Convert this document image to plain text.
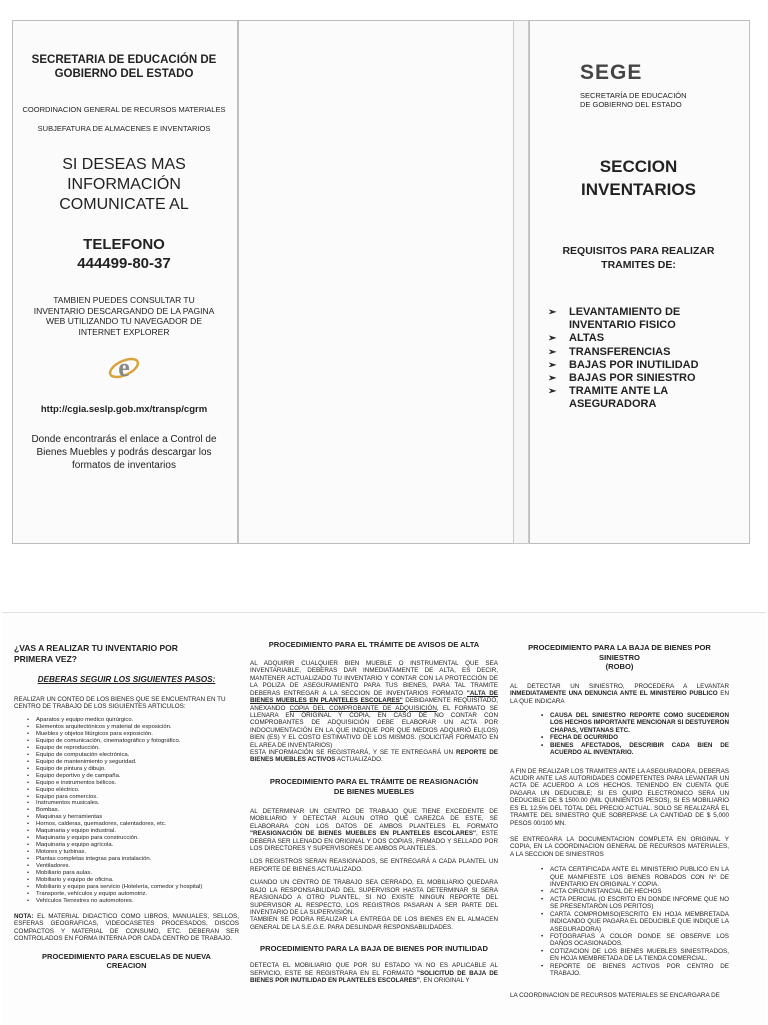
SECRETARIA DE EDUCACIÓN DE
GOBIERNO DEL ESTADO
COORDINACION GENERAL DE RECURSOS MATERIALES
SUBJEFATURA DE ALMACENES E INVENTARIOS
SI DESEAS MAS
INFORMACIÓN
COMUNICATE AL
TELEFONO
444499-80-37
TAMBIEN PUEDES CONSULTAR TU
INVENTARIO DESCARGANDO DE LA PAGINA
WEB UTILIZANDO TU NAVEGADOR DE
INTERNET EXPLORER
e
http://cgia.seslp.gob.mx/transp/cgrm
Donde encontrarás el enlace a Control de
Bienes Muebles y podrás descargar los
formatos de inventarios
SEGE
SECRETARÍA DE EDUCACIÓN
DE GOBIERNO DEL ESTADO
SECCION
INVENTARIOS
REQUISITOS PARA REALIZAR
TRAMITES DE:
➢ LEVANTAMIENTO DE
INVENTARIO FISICO
➢ ALTAS
➢ TRANSFERENCIAS
➢ BAJAS POR INUTILIDAD
➢ BAJAS POR SINIESTRO
➢ TRAMITE ANTE LA
ASEGURADORA
¿VAS A REALIZAR TU INVENTARIO POR
PRIMERA VEZ?
DEBERAS SEGUIR LOS SIGUIENTES PASOS:

REALIZAR UN CONTEO DE LOS BIENES QUE SE ENCUENTRAN EN TU CENTRO DE TRABAJO DE LOS SIGUIENTES ARTICULOS:

• Aparatos y equipo medico quirúrgico.
• Elementos arquitectónicos y material de exposición.
• Muebles y objetos litúrgicos para exposición.
• Equipo de comunicación, cinematográfico y fotográfico.
• Equipo de reproducción.
• Equipo de computación electrónica.
• Equipo de mantenimiento y seguridad.
• Equipo de pintura y dibujo.
• Equipo deportivo y de campaña.
• Equipo e instrumentos bélicos.
• Equipo eléctrico.
• Equipo para comercios.
• Instrumentos musicales.
• Bombas.
• Maquinas y herramientas
• Hornos, calderas, quemadores, calentadores, etc.
• Maquinaria y equipo industrial.
• Maquinaria y equipo para construcción.
• Maquinaria y equipo agrícola.
• Motores y turbinas.
• Plantas completas integras para instalación.
• Ventiladores.
• Mobiliario para aulas.
• Mobiliario y equipo de oficina.
• Mobiliario y equipo para servicio (Hotelería, comedor y hospital)
• Transporte, vehículos y equipo automotriz.
• Vehículos Terrestres no automotores.

NOTA: EL MATERIAL DIDACTICO COMO LIBROS, MANUALES, SELLOS, ESFERAS GEOGRAFICAS, VIDEOCASETES PROCESADOS, DISCOS COMPACTOS Y MATERIAL DE CONSUMO, ETC. DEBERAN SER CONTROLADOS EN FORMA INTERNA POR CADA CENTRO DE TRABAJO.

PROCEDIMIENTO PARA ESCUELAS DE NUEVA
CREACION
PROCEDIMIENTO PARA EL TRÁMITE DE AVISOS DE ALTA

AL ADQUIRIR CUALQUIER BIEN MUEBLE O INSTRUMENTAL QUE SEA INVENTARIABLE, DEBERAS DAR INMEDIATAMENTE DE ALTA, ES DECIR, MANTENER ACTUALIZADO TU INVENTARIO Y CONTAR CON LA PROTECCIÓN DE LA POLIZA DE ASEGURAMIENTO PARA TUS BIENES, PARA TAL TRAMITE DEBERAS ENTREGAR A LA SECCION DE INVENTARIOS FORMATO "ALTA DE BIENES MUEBLES EN PLANTELES ESCOLARES" DEBIDAMENTE REQUISITADO, ANEXANDO COPIA DEL COMPROBANTE DE ADQUISICIÓN, EL FORMATO SE LLENARA EN ORIGINAL Y COPIA, EN CASO DE NO CONTAR CON COMPROBANTES DE ADQUISICIÓN DEBE ELABORAR UN ACTA POR INDOCUMENTACIÓN EN LA QUE INDIQUE POR QUE MEDIOS ADQUIRIÓ EL(LOS) BIEN (ES) Y EL COSTO ESTIMATIVO DE LOS MISMOS. (SOLICITAR FORMATO EN EL AREA DE INVENTARIOS)

ESTA INFORMACIÓN SE REGISTRARÁ, Y SE TE ENTREGARÁ UN REPORTE DE BIENES MUEBLES ACTIVOS ACTUALIZADO.

PROCEDIMIENTO PARA EL TRÁMITE DE REASIGNACIÓN DE BIENES MUEBLES

AL DETERMINAR UN CENTRO DE TRABAJO QUE TIENE EXCEDENTE DE MOBILIARIO Y DETECTAR ALGUN OTRO QUE CAREZCA DE ESTE, SE ELABORARA CON LOS DATOS DE AMBOS PLANTELES EL FORMATO "REASIGNACIÓN DE BIENES MUEBLES EN PLANTELES ESCOLARES", ESTE DEBERA SER LLENADO EN ORIGINAL Y DOS COPIAS, FIRMADO Y SELLADO POR LOS DIRECTORES Y SUPERVISORES DE AMBOS PLANTELES.

LOS REGISTROS SERAN REASIGNADOS, SE ENTREGARÁ A CADA PLANTEL UN REPORTE DE BIENES ACTUALIZADO.

CUANDO UN CENTRO DE TRABAJO SEA CERRADO, EL MOBILIARIO QUEDARA BAJO LA RESPONSABILIDAD DEL SUPERVISOR HASTA DETERMINAR SI SERA REASIGNADO A OTRO PLANTEL, SI NO EXISTE NINGUN REPORTE DEL SUPERVISOR AL RESPECTO, LOS REGISTROS PASARAN A SER PARTE DEL INVENTARIO DE LA SUPERVISIÓN.

TAMBIEN SE PODRA REALIZAR LA ENTREGA DE LOS BIENES EN EL ALMACEN GENERAL DE LA S.E.G.E. PARA DESLINDAR RESPONSABILIDADES.

PROCEDIMIENTO PARA LA BAJA DE BIENES POR INUTILIDAD

DETECTA EL MOBILIARIO QUE POR SU ESTADO YA NO ES APLICABLE AL SERVICIO, ESTE SE REGISTRARA EN EL FORMATO "SOLICITUD DE BAJA DE BIENES POR INUTILIDAD EN PLANTELES ESCOLARES", EN ORIGINAL Y

PROCEDIMIENTO PARA LA BAJA DE BIENES POR
SINIESTRO
(ROBO)

AL DETECTAR UN SINIESTRO, PROCEDERA A LEVANTAR INMEDIATAMENTE UNA DENUNCIA ANTE EL MINISTERIO PUBLICO EN LA QUE INDICARA

• CAUSA DEL SINIESTRO REPORTE COMO SUCEDIERON LOS HECHOS IMPORTANTE MENCIONAR SI DESTUYERON CHAPAS, VENTANAS ETC.
• FECHA DE OCURRIDO
• BIENES AFECTADOS, DESCRIBIR CADA BIEN DE ACUERDO AL INVENTARIO.

A FIN DE REALIZAR LOS TRAMITES ANTE LA ASEGURADORA, DEBERAS ACUDIR ANTE LAS AUTORIDADES COMPETENTES PARA LEVANTAR UN ACTA DE ACUERDO A LOS HECHOS. TENIENDO EN CUENTA QUE PAGARA UN DEDUCIBLE; SI ES QUIPO ELECTRONICO SERA UN DEDUCIBLE DE $ 1500.00 (MIL QUINIENTOS PESOS), SI ES MOBILIARIO ES EL 12.5% DEL TOTAL DEL PRECIO ACTUAL. SOLO SE REALIZARÁ EL TRAMITE DEL SINIESTRO QUE SOBREPASE LA CANTIDAD DE $ 5,000 PESOS 00/100 MN.

SE ENTREGARA LA DOCUMENTACION COMPLETA EN ORIGINAL Y COPIA, EN LA COORDINACION GENERAL DE RECURSOS MATERIALES, A LA SECCION DE SINIESTROS

• ACTA CERTIFICADA ANTE EL MINISTERIO PUBLICO EN LA QUE MANIFIESTE LOS BIENES ROBADOS CON Nº DE INVENTARIO EN ORIGINAL Y COPIA.
• ACTA CIRCUNSTANCIAL DE HECHOS
• ACTA PERICIAL (O ESCRITO EN DONDE INFORME QUE NO SE PRESENTARON LOS PERITOS)
• CARTA COMPROMISO(ESCRITO EN HOJA MEMBRETADA INDICANDO QUE PAGARA EL DEDUCIBLE QUE INDIQUE LA ASEGURADORA)
• FOTOGRAFIAS A COLOR DONDE SE OBSERVE LOS DAÑOS OCASIONADOS.
• COTIZACION DE LOS BIENES MUEBLES SINIESTRADOS, EN HOJA MEMBRETADA DE LA TIENDA COMERCIAL.
• REPORTE DE BIENES ACTIVOS POR CENTRO DE TRABAJO.

LA COORDINACION DE RECURSOS MATERIALES SE ENCARGARA DE
